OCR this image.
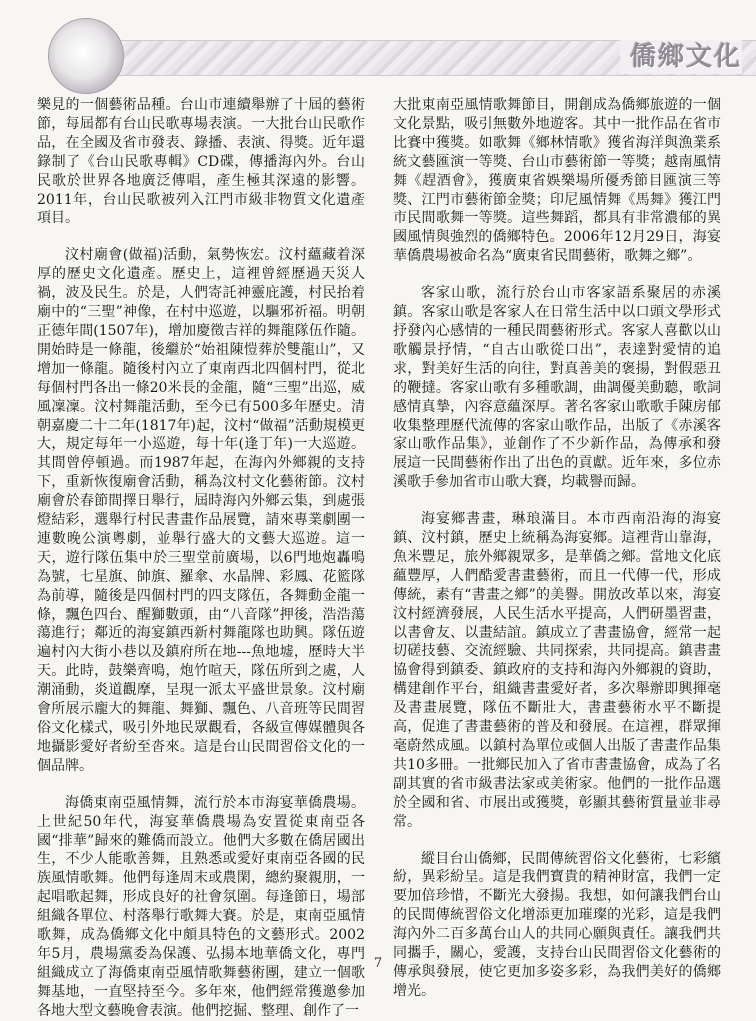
僑鄉文化

樂見的一個藝術品種。台山市連續舉辦了十屆的藝術節，每屆都有台山民歌專場表演。一大批台山民歌作品，在全國及省市發表、錄播、表演、得獎。近年還錄制了《台山民歌專輯》CD碟，傳播海內外。台山民歌於世界各地廣泛傳唱，產生極其深遠的影響。2011年，台山民歌被列入江門市級非物質文化遺產項目。

汶村廟會(做福)活動，氣勢恢宏。汶村蘊藏着深厚的歷史文化遺產。歷史上，這裡曾經歷過天災人禍，波及民生。於是，人們寄託神靈庇護，村民抬着廟中的“三聖”神像，在村中巡遊，以驅邪祈福。明朝正德年間(1507年)，增加慶徵吉祥的舞龍隊伍作隨。開始時是一條龍，後繼於“始祖陳愷葬於雙龍山”，又增加一條龍。隨後村內立了東南西北四個村門，從北每個村門各出一條20米長的金龍，隨“三聖”出巡，威風凜凜。汶村舞龍活動，至今已有500多年歷史。清朝嘉慶二十二年(1817年)起，汶村“做福”活動規模更大，規定每年一小巡遊，每十年(逢丁年)一大巡遊。其間曾停頓過。而1987年起，在海內外鄉親的支持下，重新恢復廟會活動，稱為汶村文化藝術節。汶村廟會於春節間擇日舉行，屆時海內外鄉云集，到處張燈結彩，選舉行村民書畫作品展覽，請來專業劇團一連數晚公演粵劇，並舉行盛大的文藝大巡遊。這一天，遊行隊伍集中於三聖堂前廣場，以6門地炮轟鳴為號，七星旗、帥旗、羅傘、水晶牌、彩鳳、花籃隊為前導，隨後是四個村門的四支隊伍，各舞動金龍一條，飄色四台、醒獅數頭，由“八音隊”押後，浩浩蕩蕩進行；鄰近的海宴鎮西新村舞龍隊也助興。隊伍遊遍村內大街小巷以及鎮府所在地---魚地墟，歷時大半天。此時，鼓樂齊鳴，炮竹喧天，隊伍所到之處，人潮涌動，炎道觀摩，呈現一派太平盛世景象。汶村廟會所展示龐大的舞龍、舞獅、飄色、八音班等民間習俗文化樣式，吸引外地民眾觀看，各級宣傳媒體與各地攝影愛好者紛至沓來。這是台山民間習俗文化的一個品牌。

海僑東南亞風情舞，流行於本市海宴華僑農場。上世紀50年代，海宴華僑農場為安置從東南亞各國“排華”歸來的難僑而設立。他們大多數在僑居國出生，不少人能歌善舞，且熟悉或愛好東南亞各國的民族風情歌舞。他們每逢周末或農閑，總約聚親朋，一起唱歌起舞，形成良好的社會氛圍。每逢節日，場部組織各單位、村落舉行歌舞大賽。於是，東南亞風情歌舞，成為僑鄉文化中頗具特色的文藝形式。2002年5月，農場黨委為保護、弘揚本地華僑文化，專門組織成立了海僑東南亞風情歌舞藝術團，建立一個歌舞基地，一直堅持至今。多年來，他們經常獲邀參加各地大型文藝晚會表演。他們挖掘、整理、創作了一

大批東南亞風情歌舞節目，開創成為僑鄉旅遊的一個文化景點，吸引無數外地遊客。其中一批作品在省市比賽中獲獎。如歌舞《鄉林情歌》獲省海洋與漁業系統文藝匯演一等獎、台山市藝術節一等獎；越南風情舞《趕酒會》，獲廣東省娛樂場所優秀節目匯演三等獎、江門市藝術節金獎；印尼風情舞《馬舞》獲江門市民間歌舞一等獎。這些舞蹈，都具有非常濃郁的異國風情與強烈的僑鄉特色。2006年12月29日，海宴華僑農場被命名為“廣東省民間藝術，歌舞之鄉”。

客家山歌，流行於台山市客家語系聚居的赤溪鎮。客家山歌是客家人在日常生活中以口頭文學形式抒發內心感情的一種民間藝術形式。客家人喜歡以山歌觸景抒情，“自古山歌從口出”，表達對愛情的追求，對美好生活的向往，對真善美的褒揚，對假惡丑的鞭撻。客家山歌有多種歌調，曲調優美動聽，歌詞感情真摯，內容意蘊深厚。著名客家山歌歌手陳房郁收集整理歷代流傳的客家山歌作品，出版了《赤溪客家山歌作品集》，並創作了不少新作品，為傳承和發展這一民間藝術作出了出色的貢獻。近年來，多位赤溪歌手參加省市山歌大賽，均載譽而歸。

海宴鄉書畫，琳琅滿目。本市西南沿海的海宴鎮、汶村鎮，歷史上統稱為海宴鄉。這裡背山靠海，魚米豐足，旅外鄉親眾多，是華僑之鄉。當地文化底蘊豐厚，人們酷愛書畫藝術，而且一代傳一代，形成傳統，素有“書畫之鄉”的美譽。開放改革以來，海宴汶村經濟發展，人民生活水平提高，人們研墨習畫，以書會友、以畫結誼。鎮成立了書畫協會，經常一起切磋技藝、交流經驗、共同探索，共同提高。鎮書畫協會得到鎮委、鎮政府的支持和海內外鄉親的資助，構建創作平台，組織書畫愛好者，多次舉辦即興揮毫及書畫展覽，隊伍不斷壯大，書畫藝術水平不斷提高，促進了書畫藝術的普及和發展。在這裡，群眾揮毫蔚然成風。以鎮村為單位或個人出版了書畫作品集共10多冊。一批鄉民加入了省市書畫協會，成為了名副其實的省市級書法家或美術家。他們的一批作品選於全國和省、市展出或獲獎，彰顯其藝術質量並非尋常。

縱目台山僑鄉，民間傳統習俗文化藝術，七彩繽紛，異彩紛呈。這是我們寶貴的精神財富，我們一定要加倍珍惜，不斷光大發揚。我想，如何讓我們台山的民間傳統習俗文化增添更加璀璨的光彩，這是我們海內外二百多萬台山人的共同心願與責任。讓我們共同攜手，關心，愛護，支持台山民間習俗文化藝術的傳承與發展，使它更加多姿多彩，為我們美好的僑鄉增光。

7
